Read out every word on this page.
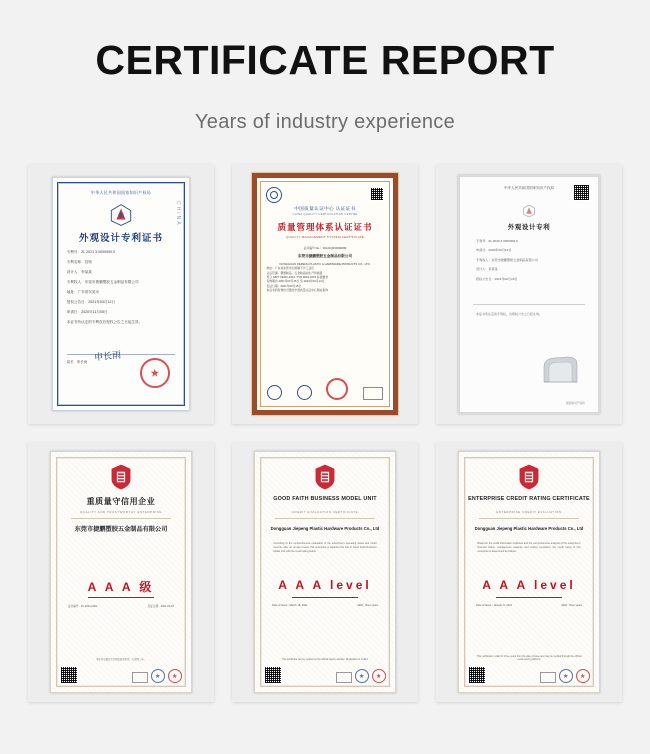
CERTIFICATE REPORT
Years of industry experience
中华人民共和国国家知识产权局
外观设计专利证书
专利号：ZL 2021 3 0000000.0
专利名称：挂钩
设计人：李某某
专利权人：东莞市捷鹏塑胶五金制品有限公司
地址：广东省东莞市
授权公告日：2021年03月12日
申请日：2020年11月05日
本证书所认定的专利权自授权公告之日起生效。
CHINA
局长　申长雨 申长雨
中国质量认证中心 认证证书
CHINA QUALITY CERTIFICATION CENTRE
质量管理体系认证证书
QUALITY MANAGEMENT SYSTEM CERTIFICATE
证书编号 No.：00121Q00000R0M
东莞市捷鹏塑胶五金制品有限公司
DONGGUAN JIEPENG PLASTIC & HARDWARE PRODUCTS CO., LTD.
地址：广东省东莞市石排镇下沙工业区
认证范围：塑胶制品、五金制品的生产和销售
符合 GB/T 19001-2016 / ISO 9001:2015 标准要求
有效期自 2021年03月15日 至 2024年03月14日
发证日期：2021年03月15日
本证书的有效性可通过中国质量认证中心网站查询
中华人民共和国国家知识产权局
外观设计专利
专利号：ZL 2020 3 0000000.0
申请日：2020年09月10日
专利权人：东莞市捷鹏塑胶五金制品有限公司
设计人：李某某
授权公告日：2021年02月20日
本证书所认定的专利权，自授权公告之日起生效。
国家知识产权局
重质量守信用企业
QUALITY AND TRUSTWORTHY ENTERPRISE
东莞市捷鹏塑胶五金制品有限公司
A A A 级
证书编号：ZL-2021-0001	发证日期：2021-03-18
本证书可通过官方网站查询验真，有效期三年。
GOOD FAITH BUSINESS MODEL UNIT
CREDIT EVALUATION CERTIFICATE
Dongguan Jiepeng Plastic Hardware Products Co., Ltd
According to the comprehensive evaluation of the enterprise's operating status and credit records, after an on-site review, this enterprise is awarded the title of Good Faith Business Model Unit with the credit rating below.
A A A level
Date of Issue : March 18, 2021	Valid : three years
This certificate can be verified on the official inquiry website. Duplication is invalid.
ENTERPRISE CREDIT RATING CERTIFICATE
ENTERPRISE CREDIT EVALUATION
Dongguan Jiepeng Plastic Hardware Products Co., Ltd
Based on the credit information collected and the comprehensive analysis of the enterprise's financial status, management capacity, and market reputation, the credit rating of this enterprise is determined as follows.
A A A level
Date of Issue : January 6, 2021	Valid : three years
This certificate is valid for three years from the date of issue and may be verified through the official credit inquiry platform.
